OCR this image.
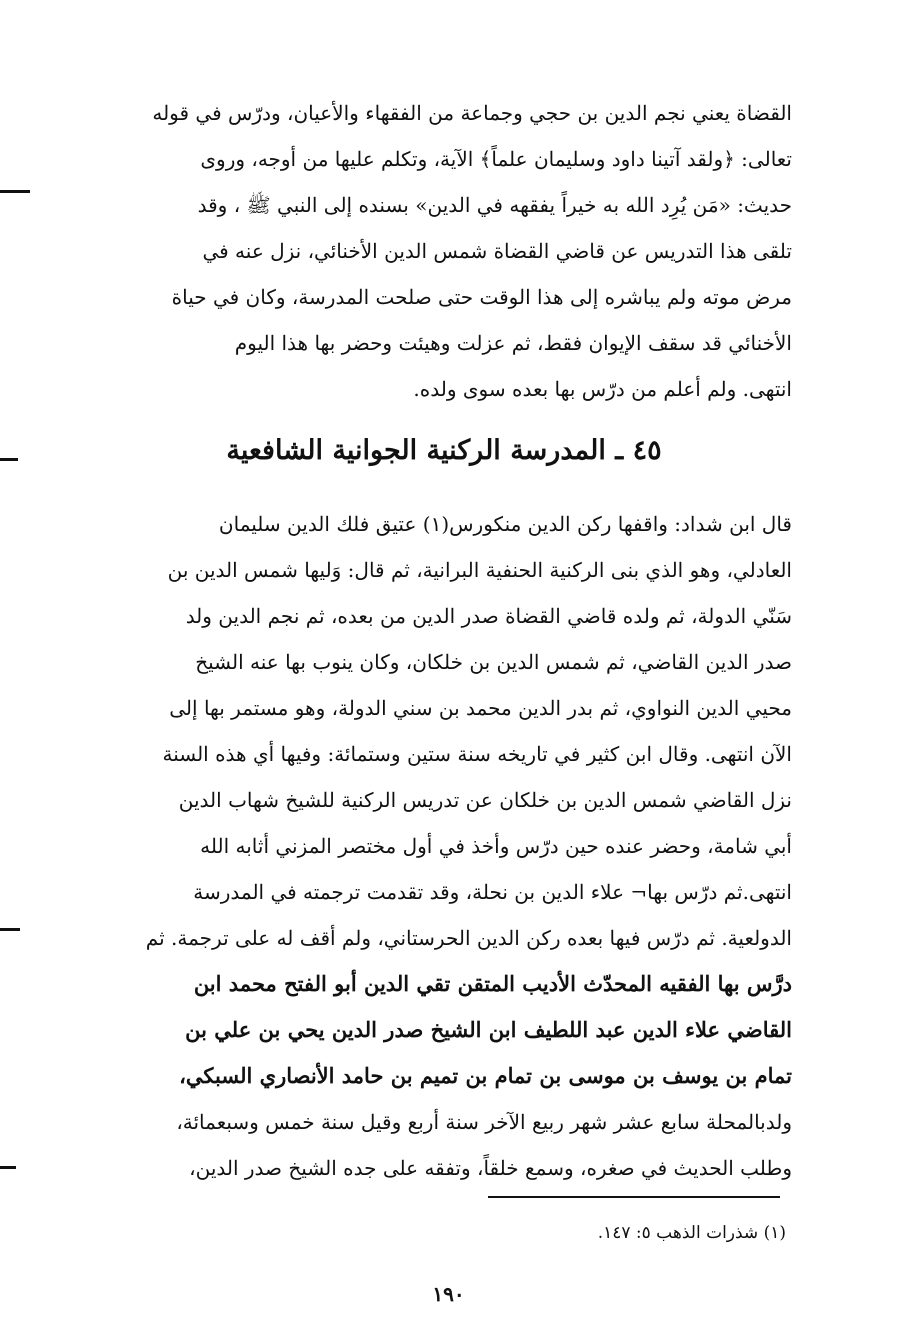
القضاة يعني نجم الدين بن حجي وجماعة من الفقهاء والأعيان، ودرّس في قوله
تعالى: ﴿ولقد آتينا داود وسليمان علماً﴾ الآية، وتكلم عليها من أوجه، وروى
حديث: «مَن يُرِد الله به خيراً يفقهه في الدين» بسنده إلى النبي ﷺ ، وقد
تلقى هذا التدريس عن قاضي القضاة شمس الدين الأخنائي، نزل عنه في
مرض موته ولم يباشره إلى هذا الوقت حتى صلحت المدرسة، وكان في حياة
الأخنائي قد سقف الإيوان فقط، ثم عزلت وهيئت وحضر بها هذا اليوم
انتهى. ولم أعلم من درّس بها بعده سوى ولده.
٤٥ ـ المدرسة الركنية الجوانية الشافعية
قال ابن شداد: واقفها ركن الدين منكورس(١) عتيق فلك الدين سليمان
العادلي، وهو الذي بنى الركنية الحنفية البرانية، ثم قال: وَليها شمس الدين بن
سَنّي الدولة، ثم ولده قاضي القضاة صدر الدين من بعده، ثم نجم الدين ولد
صدر الدين القاضي، ثم شمس الدين بن خلكان، وكان ينوب بها عنه الشيخ
محيي الدين النواوي، ثم بدر الدين محمد بن سني الدولة، وهو مستمر بها إلى
الآن انتهى. وقال ابن كثير في تاريخه سنة ستين وستمائة: وفيها أي هذه السنة
نزل القاضي شمس الدين بن خلكان عن تدريس الركنية للشيخ شهاب الدين
أبي شامة، وحضر عنده حين درّس وأخذ في أول مختصر المزني أثابه الله
انتهى.ثم درّس بها¬ علاء الدين بن نحلة، وقد تقدمت ترجمته في المدرسة
الدولعية. ثم درّس فيها بعده ركن الدين الحرستاني، ولم أقف له على ترجمة. ثم
درَّس بها الفقيه المحدّث الأديب المتقن تقي الدين أبو الفتح محمد ابن
القاضي علاء الدين عبد اللطيف ابن الشيخ صدر الدين يحي بن علي بن
تمام بن يوسف بن موسى بن تمام بن تميم بن حامد الأنصاري السبكي،
ولدبالمحلة سابع عشر شهر ربيع الآخر سنة أربع وقيل سنة خمس وسبعمائة،
وطلب الحديث في صغره، وسمع خلقاً، وتفقه على جده الشيخ صدر الدين،
(١) شذرات الذهب ٥: ١٤٧.
١٩٠
